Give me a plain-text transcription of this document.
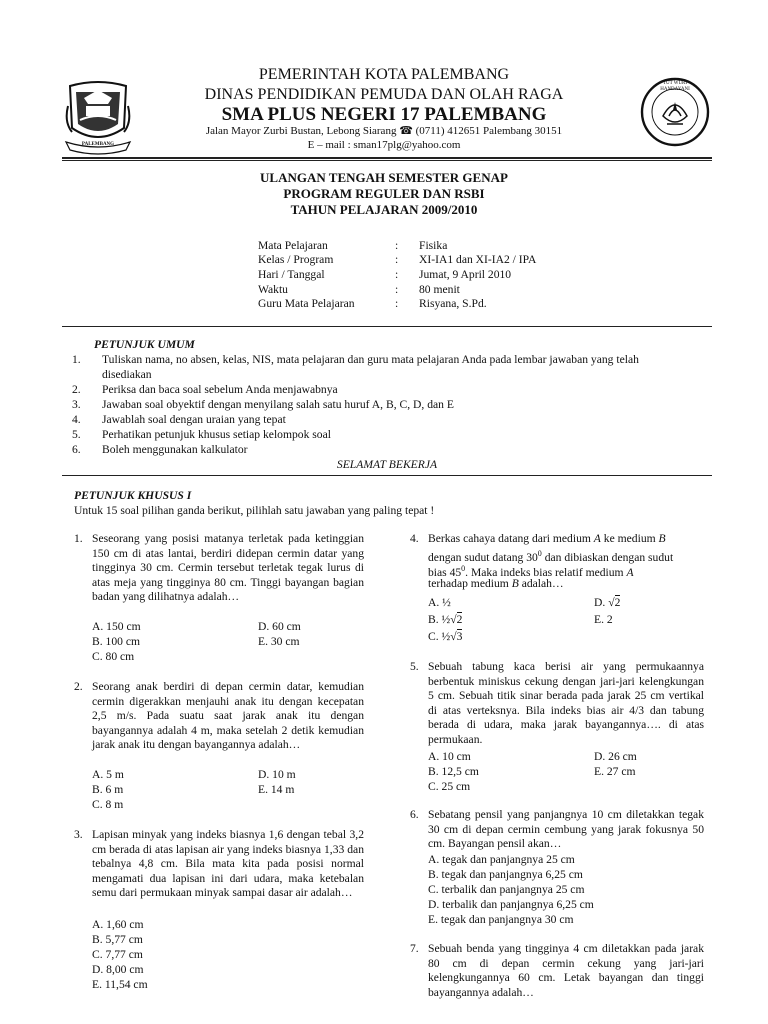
PALEMBANG
TUT WURI HANDAYANI
PEMERINTAH KOTA PALEMBANG
DINAS PENDIDIKAN PEMUDA DAN OLAH RAGA
SMA PLUS NEGERI 17 PALEMBANG
Jalan Mayor Zurbi Bustan, Lebong Siarang ☎ (0711) 412651 Palembang 30151
E – mail : sman17plg@yahoo.com
ULANGAN TENGAH SEMESTER GENAP
PROGRAM REGULER DAN RSBI
TAHUN PELAJARAN 2009/2010
Mata Pelajaran	: Fisika
Kelas / Program	: XI-IA1 dan XI-IA2 / IPA
Hari / Tanggal	: Jumat, 9 April 2010
Waktu	: 80 menit
Guru Mata Pelajaran	: Risyana, S.Pd.
PETUNJUK UMUM
1. Tuliskan nama, no absen, kelas, NIS, mata pelajaran dan guru mata pelajaran Anda pada lembar jawaban yang telah
disediakan
2. Periksa dan baca soal sebelum Anda menjawabnya
3. Jawaban soal obyektif dengan menyilang salah satu huruf A, B, C, D, dan E
4. Jawablah soal dengan uraian yang tepat
5. Perhatikan petunjuk khusus setiap kelompok soal
6. Boleh menggunakan kalkulator
SELAMAT BEKERJA
PETUNJUK KHUSUS I
Untuk 15 soal pilihan ganda berikut, pilihlah satu jawaban yang paling tepat !
1. Seseorang yang posisi matanya terletak pada ketinggian 150 cm di atas lantai, berdiri didepan cermin datar yang tingginya 30 cm. Cermin tersebut terletak tegak lurus di atas meja yang tingginya 80 cm. Tinggi bayangan bagian badan yang dilihatnya adalah…
A. 150 cm
B. 100 cm
C. 80 cm
D. 60 cm
E. 30 cm
2. Seorang anak berdiri di depan cermin datar, kemudian cermin digerakkan menjauhi anak itu dengan kecepatan 2,5 m/s. Pada suatu saat jarak anak itu dengan bayangannya adalah 4 m, maka setelah 2 detik kemudian jarak anak itu dengan bayangannya adalah…
A. 5 m
B. 6 m
C. 8 m
D. 10 m
E. 14 m
3. Lapisan minyak yang indeks biasnya 1,6 dengan tebal 3,2 cm berada di atas lapisan air yang indeks biasnya 1,33 dan tebalnya 4,8 cm. Bila mata kita pada posisi normal mengamati dua lapisan ini dari udara, maka ketebalan semu dari permukaan minyak sampai dasar air adalah…
A. 1,60 cm
B. 5,77 cm
C. 7,77 cm
D. 8,00 cm
E. 11,54 cm
4. Berkas cahaya datang dari medium A ke medium B
dengan sudut datang $30^0$ dan dibiaskan dengan sudut
bias $45^0$. Maka indeks bias relatif medium A
terhadap medium B adalah…
A. ½
B. ½√2
C. ½√3
D. √2
E. 2
5. Sebuah tabung kaca berisi air yang permukaannya berbentuk miniskus cekung dengan jari-jari kelengkungan 5 cm. Sebuah titik sinar berada pada jarak 25 cm vertikal di atas verteksnya. Bila indeks bias air 4/3 dan tabung berada di udara, maka jarak bayangannya…. di atas permukaan.
A. 10 cm
B. 12,5 cm
C. 25 cm
D. 26 cm
E. 27 cm
6. Sebatang pensil yang panjangnya 10 cm diletakkan tegak 30 cm di depan cermin cembung yang jarak fokusnya 50 cm. Bayangan pensil akan…
A. tegak dan panjangnya 25 cm
B. tegak dan panjangnya 6,25 cm
C. terbalik dan panjangnya 25 cm
D. terbalik dan panjangnya 6,25 cm
E. tegak dan panjangnya 30 cm
7. Sebuah benda yang tingginya 4 cm diletakkan pada jarak 80 cm di depan cermin cekung yang jari-jari kelengkungannya 60 cm. Letak bayangan dan tinggi bayangannya adalah…
